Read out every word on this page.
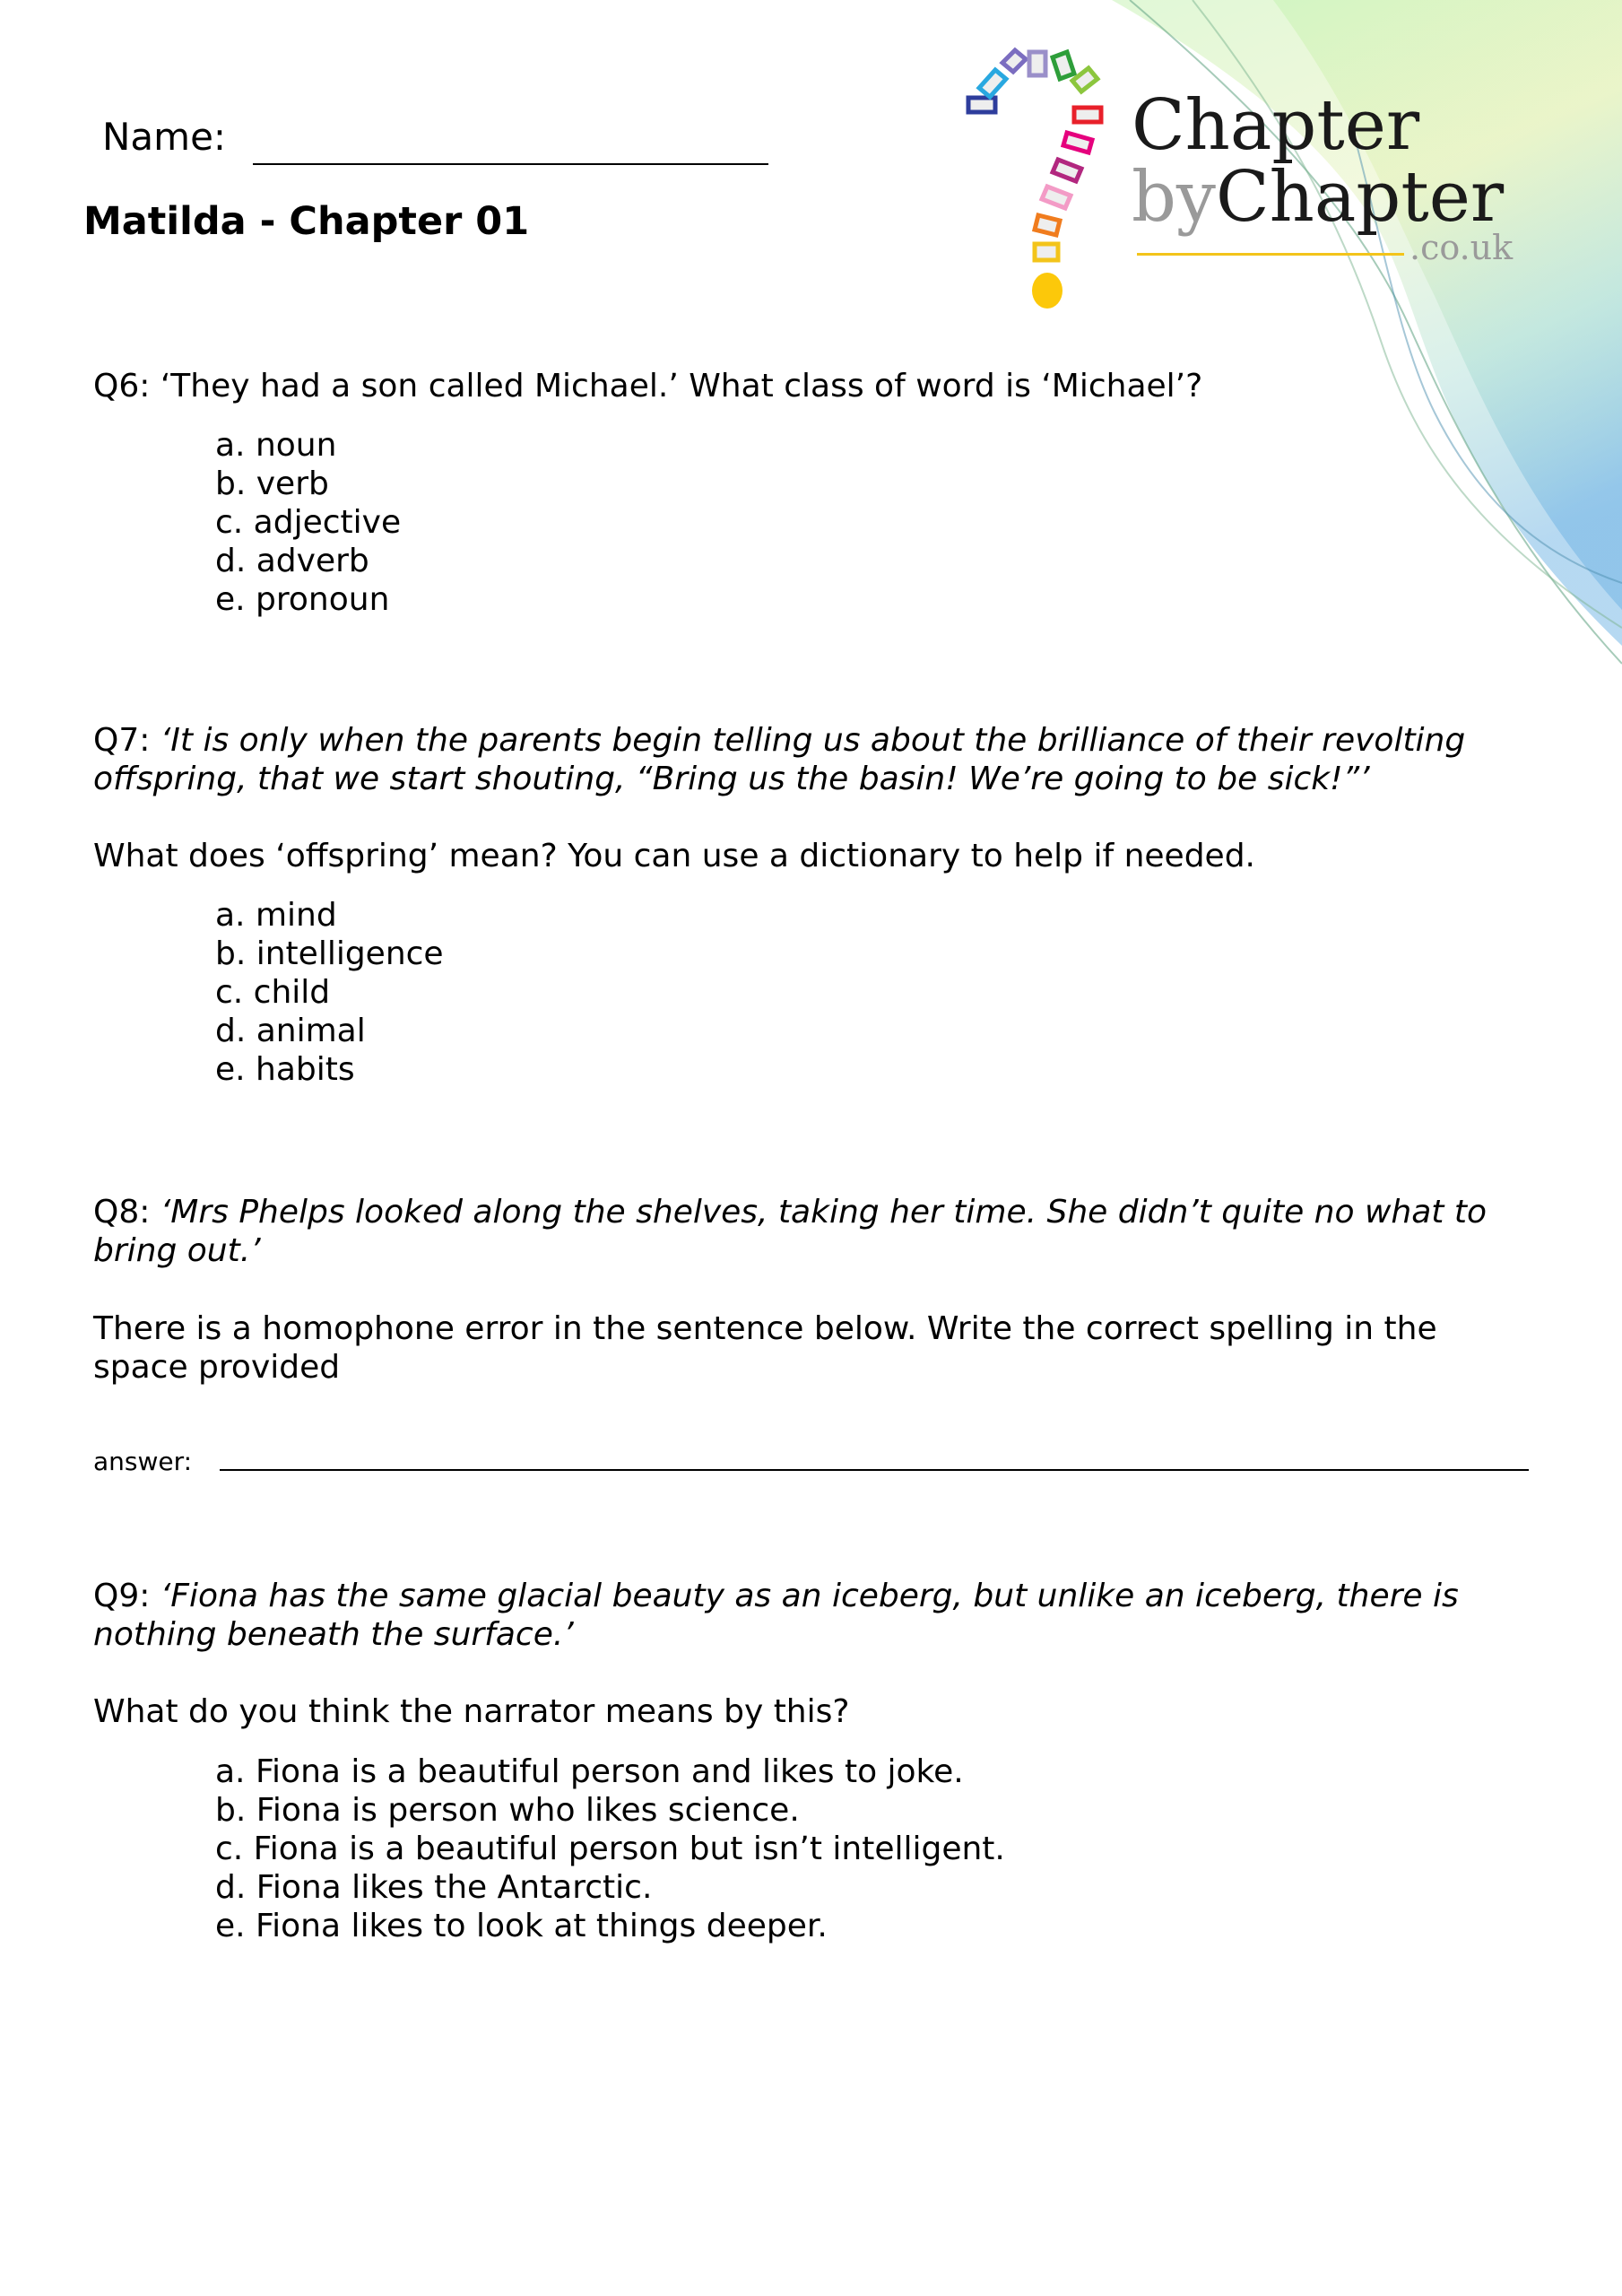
Name:
Matilda - Chapter 01
Chapter
byChapter
.co.uk
Q6: ‘They had a son called Michael.’ What class of word is ‘Michael’?
a. noun
b. verb
c. adjective
d. adverb
e. pronoun
Q7: ‘It is only when the parents begin telling us about the brilliance of their revolting
offspring, that we start shouting, “Bring us the basin! We’re going to be sick!”’
What does ‘offspring’ mean? You can use a dictionary to help if needed.
a. mind
b. intelligence
c. child
d. animal
e. habits
Q8: ‘Mrs Phelps looked along the shelves, taking her time. She didn’t quite no what to
bring out.’
There is a homophone error in the sentence below. Write the correct spelling in the
space provided
answer:
Q9: ‘Fiona has the same glacial beauty as an iceberg, but unlike an iceberg, there is
nothing beneath the surface.’
What do you think the narrator means by this?
a. Fiona is a beautiful person and likes to joke.
b. Fiona is person who likes science.
c. Fiona is a beautiful person but isn’t intelligent.
d. Fiona likes the Antarctic.
e. Fiona likes to look at things deeper.
